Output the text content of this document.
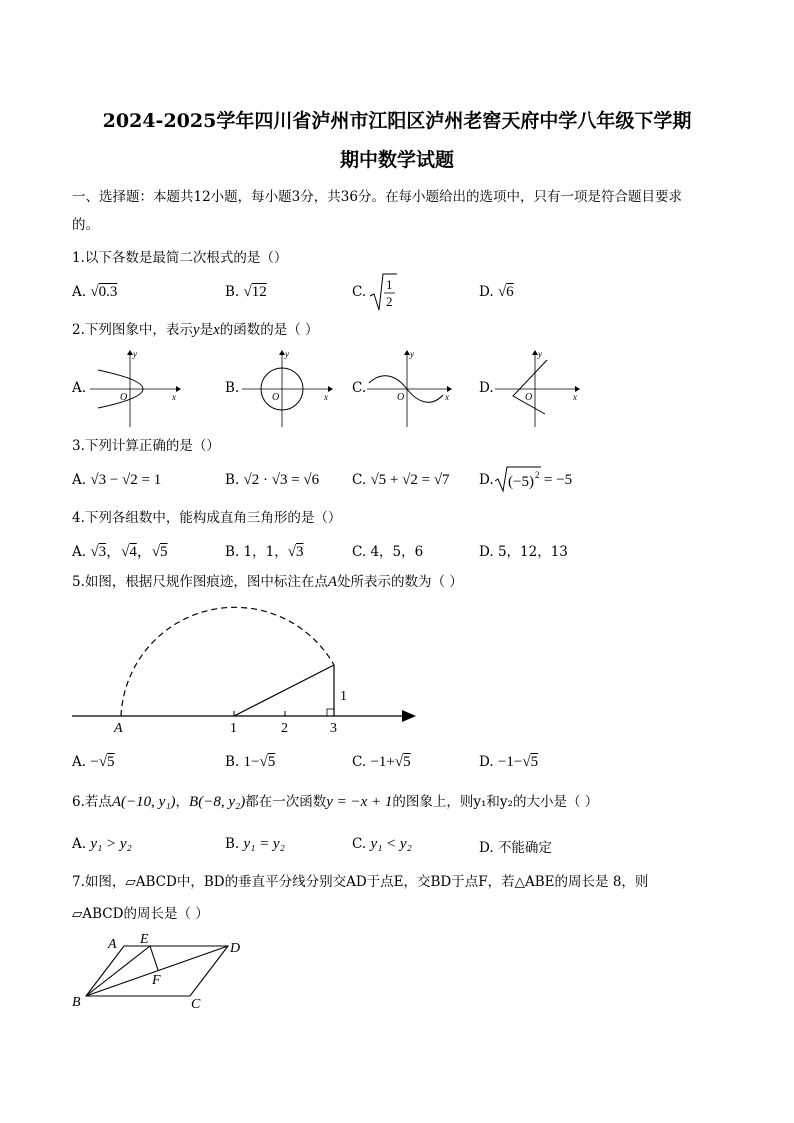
2024-2025学年四川省泸州市江阳区泸州老窖天府中学八年级下学期
期中数学试题
一、选择题：本题共12小题，每小题3分，共36分。在每小题给出的选项中，只有一项是符合题目要求
的。
1.以下各数是最简二次根式的是（）
A. √0.3	B. √12	C. 1
2
D. √6
2.下列图象中，表示y是x的函数的是（ ）
A.	B.	C.	D.
O	x
y
O	x
y
O	x
y
O	x
y
3.下列计算正确的是（）
A. √3 − √2 = 1	B. √2 · √3 = √6 C. √5 + √2 = √7 D. (−5) 2 = −5
4.下列各组数中，能构成直角三角形的是（）
A. √3，√4，√5	B. 1，1，√3	C. 4，5，6	D. 5，12，13
5.如图，根据尺规作图痕迹，图中标注在点A处所表示的数为（ ）
A	1	2	3
1
A. −√5	B. 1−√5	C. −1+√5	D. −1−√5
6.若点A(−10, y₁)，B(−8, y₂)都在一次函数y = −x + 1的图象上，则y₁和y₂的大小是（ ）
A. y₁ > y₂	B. y₁ = y₂	C. y₁ < y₂	D. 不能确定
7.如图，▱ABCD中，BD的垂直平分线分别交AD于点E，交BD于点F，若△ABE的周长是 8，则
▱ABCD的周长是（ ）
A E
D
F
B	C
